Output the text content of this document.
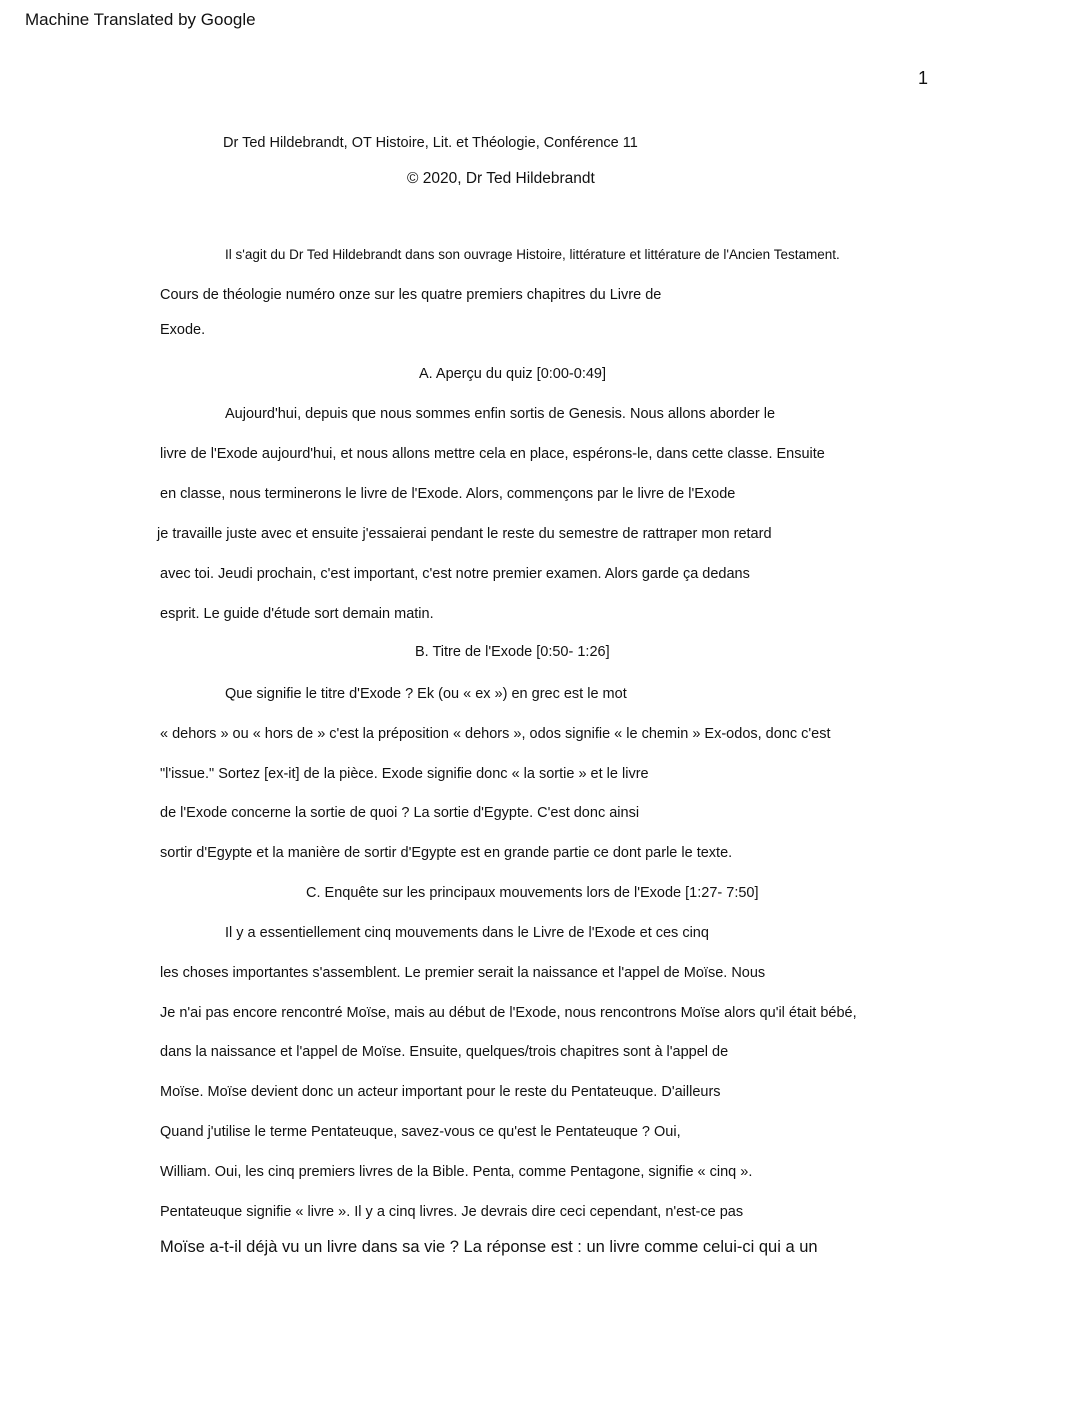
Machine Translated by Google
1
Dr Ted Hildebrandt, OT Histoire, Lit. et Théologie, Conférence 11
© 2020, Dr Ted Hildebrandt
Il s'agit du Dr Ted Hildebrandt dans son ouvrage Histoire, littérature et littérature de l'Ancien Testament.
Cours de théologie numéro onze sur les quatre premiers chapitres du Livre de
Exode.
A. Aperçu du quiz [0:00-0:49]
Aujourd'hui, depuis que nous sommes enfin sortis de Genesis. Nous allons aborder le
livre de l'Exode aujourd'hui, et nous allons mettre cela en place, espérons-le, dans cette classe. Ensuite
en classe, nous terminerons le livre de l'Exode. Alors, commençons par le livre de l'Exode
je travaille juste avec et ensuite j'essaierai pendant le reste du semestre de rattraper mon retard
avec toi. Jeudi prochain, c'est important, c'est notre premier examen. Alors garde ça dedans
esprit. Le guide d'étude sort demain matin.
B. Titre de l'Exode [0:50- 1:26]
Que signifie le titre d'Exode ? Ek (ou « ex ») en grec est le mot
« dehors » ou « hors de » c'est la préposition « dehors », odos signifie « le chemin » Ex-odos, donc c'est
"l'issue." Sortez [ex-it] de la pièce. Exode signifie donc « la sortie » et le livre
de l'Exode concerne la sortie de quoi ? La sortie d'Egypte. C'est donc ainsi
sortir d'Egypte et la manière de sortir d'Egypte est en grande partie ce dont parle le texte.
C. Enquête sur les principaux mouvements lors de l'Exode [1:27- 7:50]
Il y a essentiellement cinq mouvements dans le Livre de l'Exode et ces cinq
les choses importantes s'assemblent. Le premier serait la naissance et l'appel de Moïse. Nous
Je n'ai pas encore rencontré Moïse, mais au début de l'Exode, nous rencontrons Moïse alors qu'il était bébé,
dans la naissance et l'appel de Moïse. Ensuite, quelques/trois chapitres sont à l'appel de
Moïse. Moïse devient donc un acteur important pour le reste du Pentateuque. D'ailleurs
Quand j'utilise le terme Pentateuque, savez-vous ce qu'est le Pentateuque ? Oui,
William. Oui, les cinq premiers livres de la Bible. Penta, comme Pentagone, signifie « cinq ».
Pentateuque signifie « livre ». Il y a cinq livres. Je devrais dire ceci cependant, n'est-ce pas
Moïse a-t-il déjà vu un livre dans sa vie ? La réponse est : un livre comme celui-ci qui a un
